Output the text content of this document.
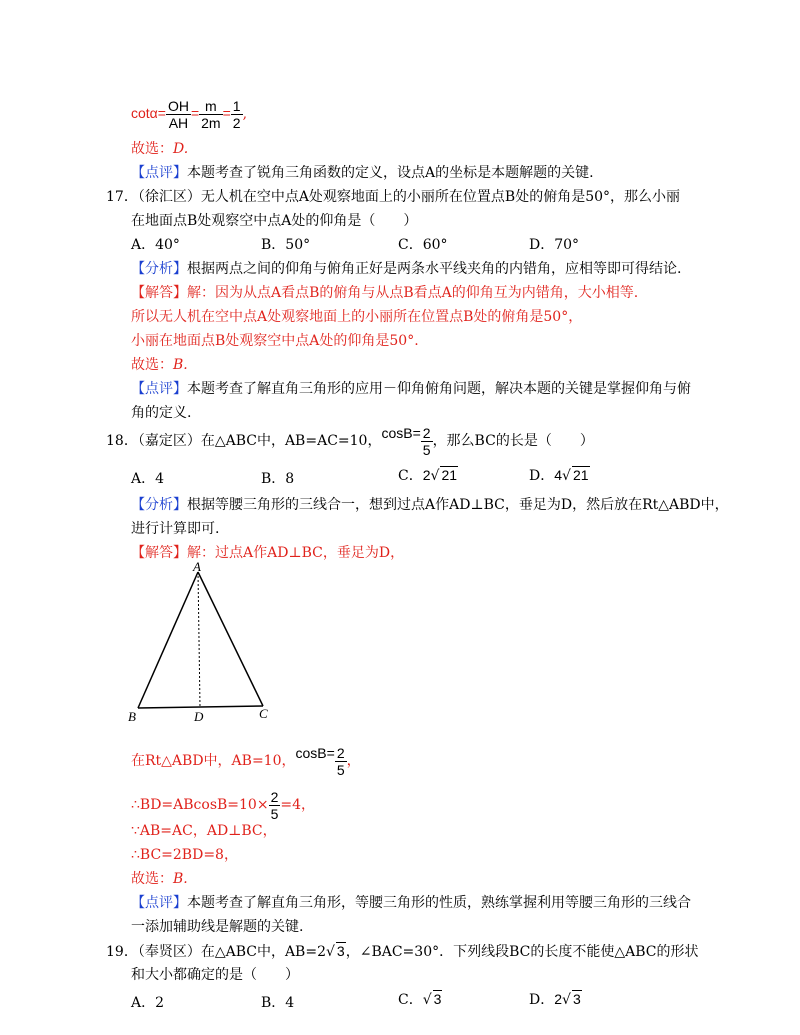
$\cot\alpha= \frac{OH}{AH} = \frac{m}{2m} = \frac{1}{2}$ ,
故选：D.
【点评】本题考查了锐角三角函数的定义，设点A的坐标是本题解题的关键.
17．（徐汇区）无人机在空中点A处观察地面上的小丽所在位置点B处的俯角是50°，那么小丽
在地面点B处观察空中点A处的仰角是（　　）
A．40°	B．50°	C．60°	D．70°
【分析】根据两点之间的仰角与俯角正好是两条水平线夹角的内错角，应相等即可得结论.
【解答】解：因为从点A看点B的俯角与从点B看点A的仰角互为内错角，大小相等.
所以无人机在空中点A处观察地面上的小丽所在位置点B处的俯角是50°，
小丽在地面点B处观察空中点A处的仰角是50°.
故选：B.
【点评】本题考查了解直角三角形的应用－仰角俯角问题，解决本题的关键是掌握仰角与俯
角的定义.
18．（嘉定区）在△ABC中，AB=AC=10，$\cos B= \frac{2}{5}$ ，那么BC的长是（　　）
A．4	B．8	C．2√ 21	D．4√ 21
【分析】根据等腰三角形的三线合一，想到过点A作AD⊥BC，垂足为D，然后放在Rt△ABD中，
进行计算即可.
【解答】解：过点A作AD⊥BC，垂足为D，
A
B	D	C
在Rt△ABD中，AB=10，$\cos B= \frac{2}{5}$ ，
∴BD=ABcosB=10× $\frac{2}{5} =4$，
∵AB=AC，AD⊥BC，
∴BC=2BD=8，
故选：B.
【点评】本题考查了解直角三角形，等腰三角形的性质，熟练掌握利用等腰三角形的三线合
一添加辅助线是解题的关键.
19．（奉贤区）在△ABC中，AB=2√ 3，∠BAC=30°．下列线段BC的长度不能使△ABC的形状
和大小都确定的是（　　）
A．2	B．4	C．√ 3	D．2√ 3
